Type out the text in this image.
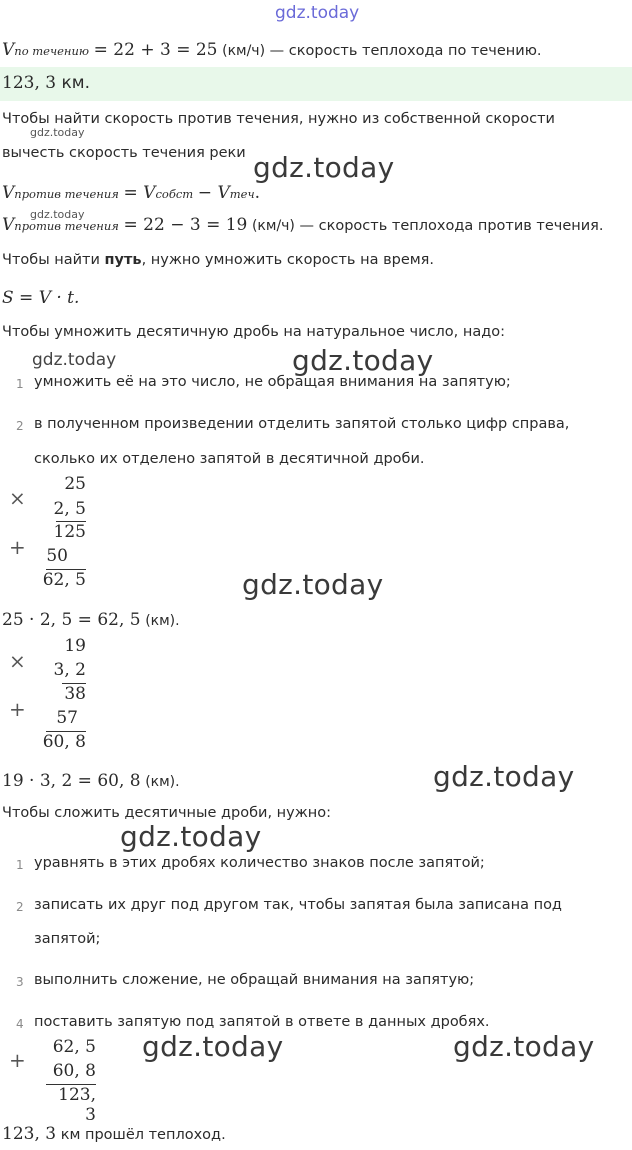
gdz.today
Vпо течению = 22 + 3 = 25 (км/ч) — скорость теплохода по течению.
123, 3 км.
Чтобы найти скорость против течения, нужно из собственной скорости
gdz.today
вычесть скорость течения реки gdz.today
Vпротив течения = Vсобст − Vтеч.
gdz.today
Vпротив течения = 22 − 3 = 19 (км/ч) — скорость теплохода против течения.
Чтобы найти путь, нужно умножить скорость на время.
S = V · t.
Чтобы умножить десятичную дробь на натуральное число, надо:
gdz.today	gdz.today
1 умножить её на это число, не обращая внимания на запятую;
2 в полученном произведении отделить запятой столько цифр справа,
сколько их отделено запятой в десятичной дроби.
×
25
2, 5
125
+	50
62, 5	gdz.today
25 · 2, 5 = 62, 5 (км).
×
19
3, 2
38
+	57
60, 8
19 · 3, 2 = 60, 8 (км).	gdz.today
Чтобы сложить десятичные дроби, нужно:
gdz.today
1 уравнять в этих дробях количество знаков после запятой;
2 записать их друг под другом так, чтобы запятая была записана под
запятой;
3 выполнить сложение, не обращай внимания на запятую;
4 поставить запятую под запятой в ответе в данных дробях.
+
62, 5
60, 8
123, 3
gdz.today	gdz.today
123, 3 км прошёл теплоход.
